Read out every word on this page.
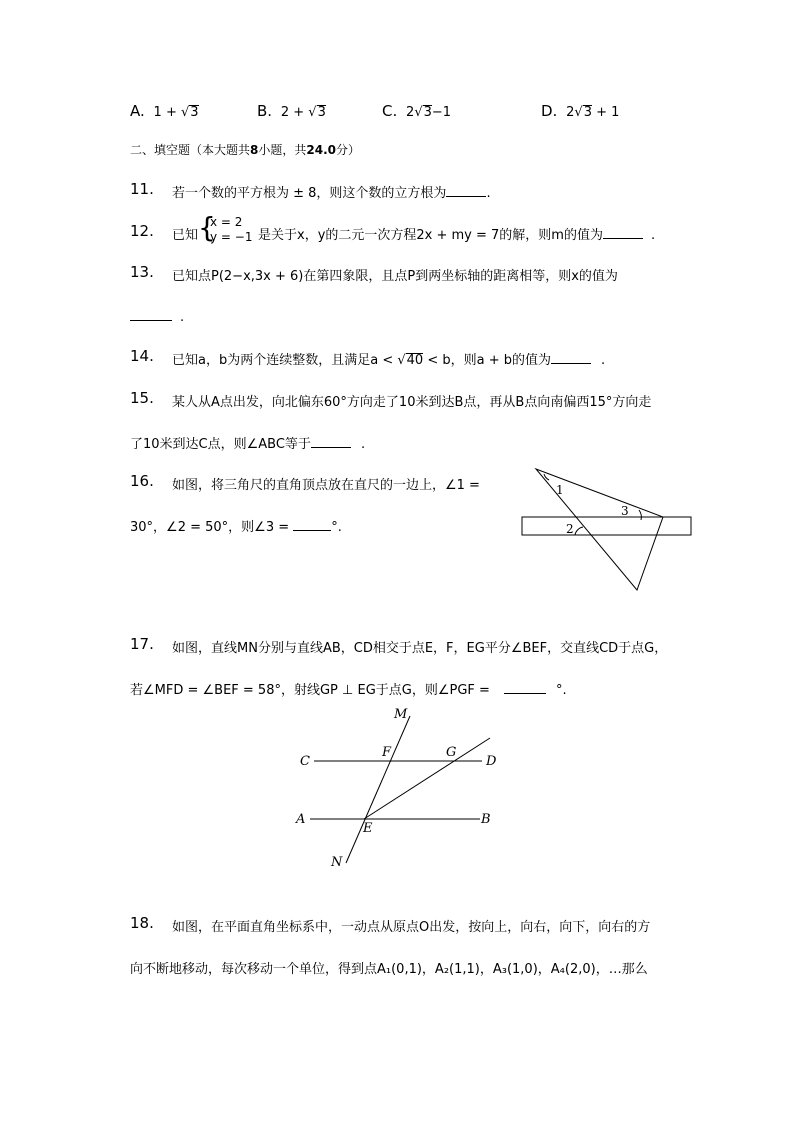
A. 1 + √3	B. 2 + √3	C. 2√3−1	D. 2√3 + 1
二、填空题（本大题共8小题，共24.0分）
11. 若一个数的平方根为 ± 8，则这个数的立方根为	.
12. 已知 {
x = 2
y = −1 是关于x，y的二元一次方程2x + my = 7的解，则m的值为	.
13. 已知点P(2−x,3x + 6)在第四象限，且点P到两坐标轴的距离相等，则x的值为
.
14. 已知a，b为两个连续整数，且满足a < √40 < b，则a + b的值为	.
15. 某人从A点出发，向北偏东60°方向走了10米到达B点，再从B点向南偏西15°方向走
了10米到达C点，则∠ABC等于	.
16. 如图，将三角尺的直角顶点放在直尺的一边上，∠1 =
30°，∠2 = 50°，则∠3 =	°.
1
3
2
17. 如图，直线MN分别与直线AB，CD相交于点E，F，EG平分∠BEF，交直线CD于点G，
若∠MFD = ∠BEF = 58°，射线GP ⊥ EG于点G，则∠PGF =	°.
M
F	G
C	D
A
E
B
N
18. 如图，在平面直角坐标系中，一动点从原点O出发，按向上，向右，向下，向右的方
向不断地移动，每次移动一个单位，得到点A₁(0,1)，A₂(1,1)，A₃(1,0)，A₄(2,0)，…那么
